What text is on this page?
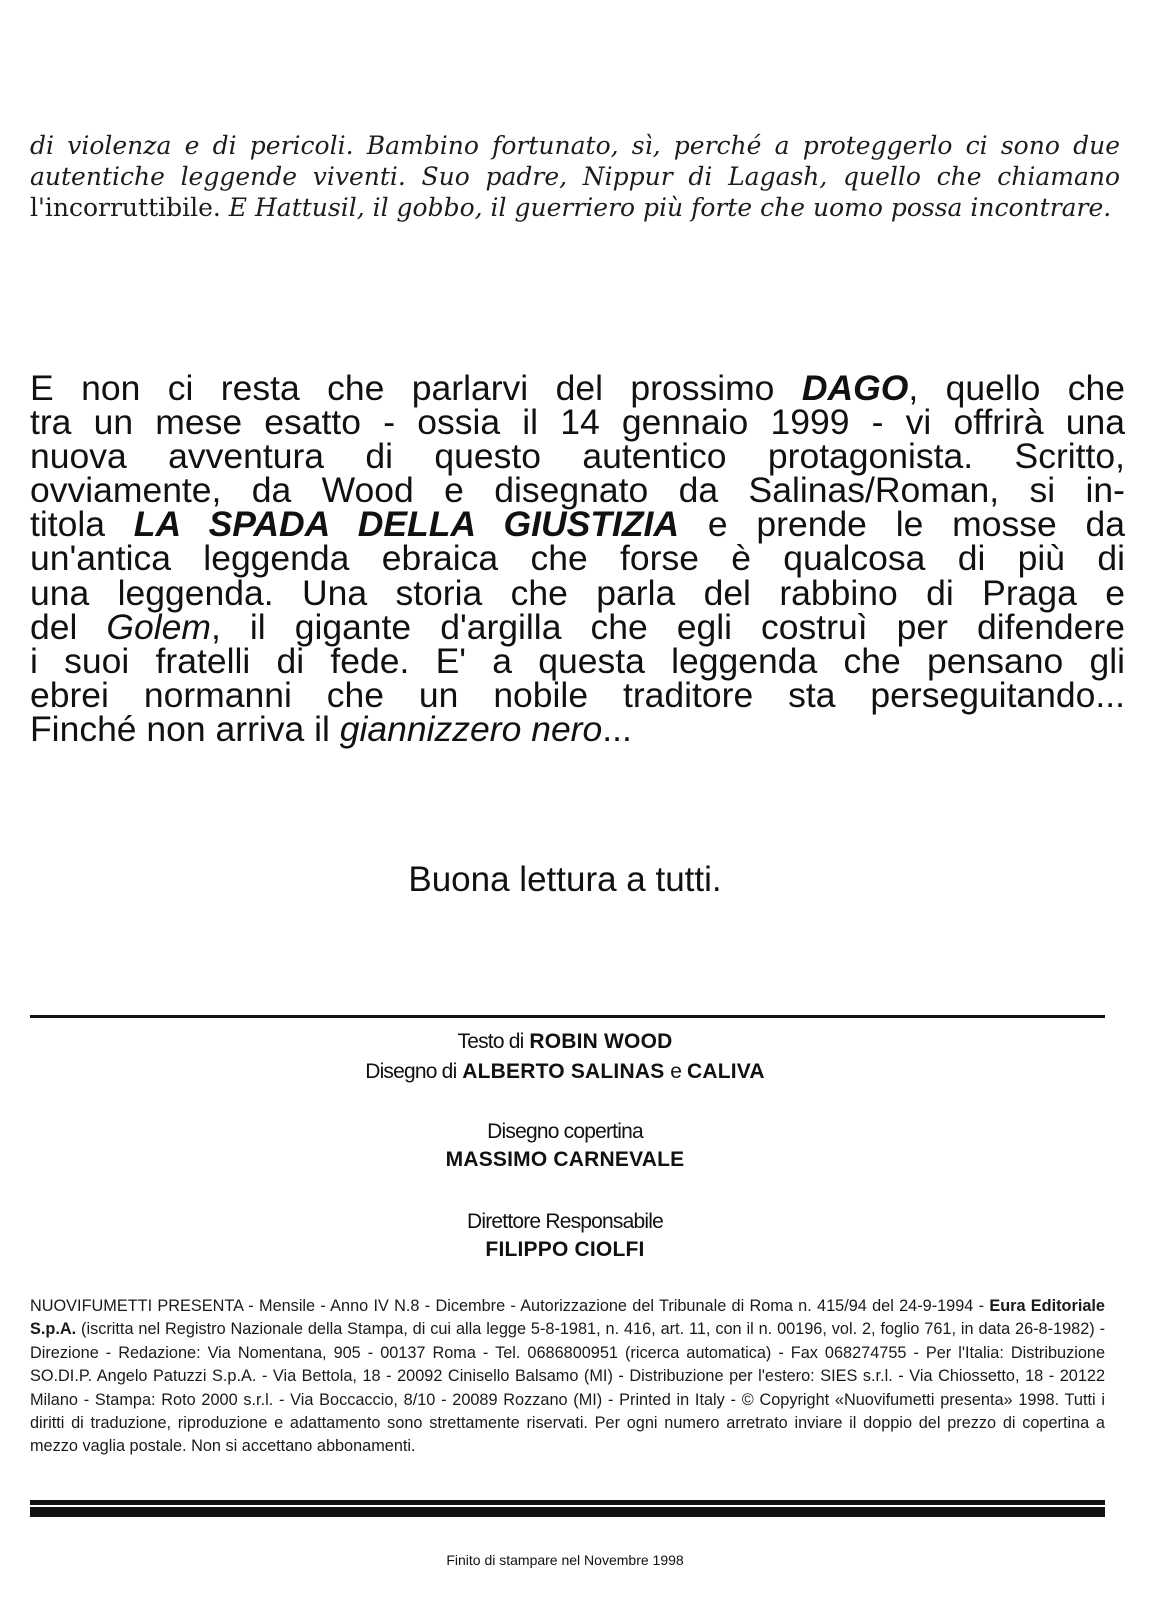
di violenza e di pericoli. Bambino fortunato, sì, perché a proteggerlo ci sono due autentiche leggende viventi. Suo padre, Nippur di Lagash, quello che chiamano l'incorruttibile. E Hattusil, il gobbo, il guerriero più forte che uomo possa incontrare.

E non ci resta che parlarvi del prossimo DAGO, quello che
tra un mese esatto - ossia il 14 gennaio 1999 - vi offrirà una
nuova avventura di questo autentico protagonista. Scritto,
ovviamente, da Wood e disegnato da Salinas/Roman, si in-
titola LA SPADA DELLA GIUSTIZIA e prende le mosse da
un'antica leggenda ebraica che forse è qualcosa di più di
una leggenda. Una storia che parla del rabbino di Praga e
del Golem, il gigante d'argilla che egli costruì per difendere
i suoi fratelli di fede. E' a questa leggenda che pensano gli
ebrei normanni che un nobile traditore sta perseguitando...
Finché non arriva il giannizzero nero...

Buona lettura a tutti.

Testo di ROBIN WOOD

Disegno di ALBERTO SALINAS e CALIVA

Disegno copertina

MASSIMO CARNEVALE

Direttore Responsabile

FILIPPO CIOLFI

NUOVIFUMETTI PRESENTA - Mensile - Anno IV N.8 - Dicembre - Autorizzazione del Tribunale di Roma n. 415/94 del 24-9-1994 - Eura Editoriale S.p.A. (iscritta nel Registro Nazionale della Stampa, di cui alla legge 5-8-1981, n. 416, art. 11, con il n. 00196, vol. 2, foglio 761, in data 26-8-1982) - Direzione - Redazione: Via Nomentana, 905 - 00137 Roma - Tel. 0686800951 (ricerca automatica) - Fax 068274755 - Per l'Italia: Distribuzione SO.DI.P. Angelo Patuzzi S.p.A. - Via Bettola, 18 - 20092 Cinisello Balsamo (MI) - Distribuzione per l'estero: SIES s.r.l. - Via Chiossetto, 18 - 20122 Milano - Stampa: Roto 2000 s.r.l. - Via Boccaccio, 8/10 - 20089 Rozzano (MI) - Printed in Italy - © Copyright «Nuovifumetti presenta» 1998. Tutti i diritti di traduzione, riproduzione e adattamento sono strettamente riservati. Per ogni numero arretrato inviare il doppio del prezzo di copertina a mezzo vaglia postale. Non si accettano abbonamenti.

Finito di stampare nel Novembre 1998
